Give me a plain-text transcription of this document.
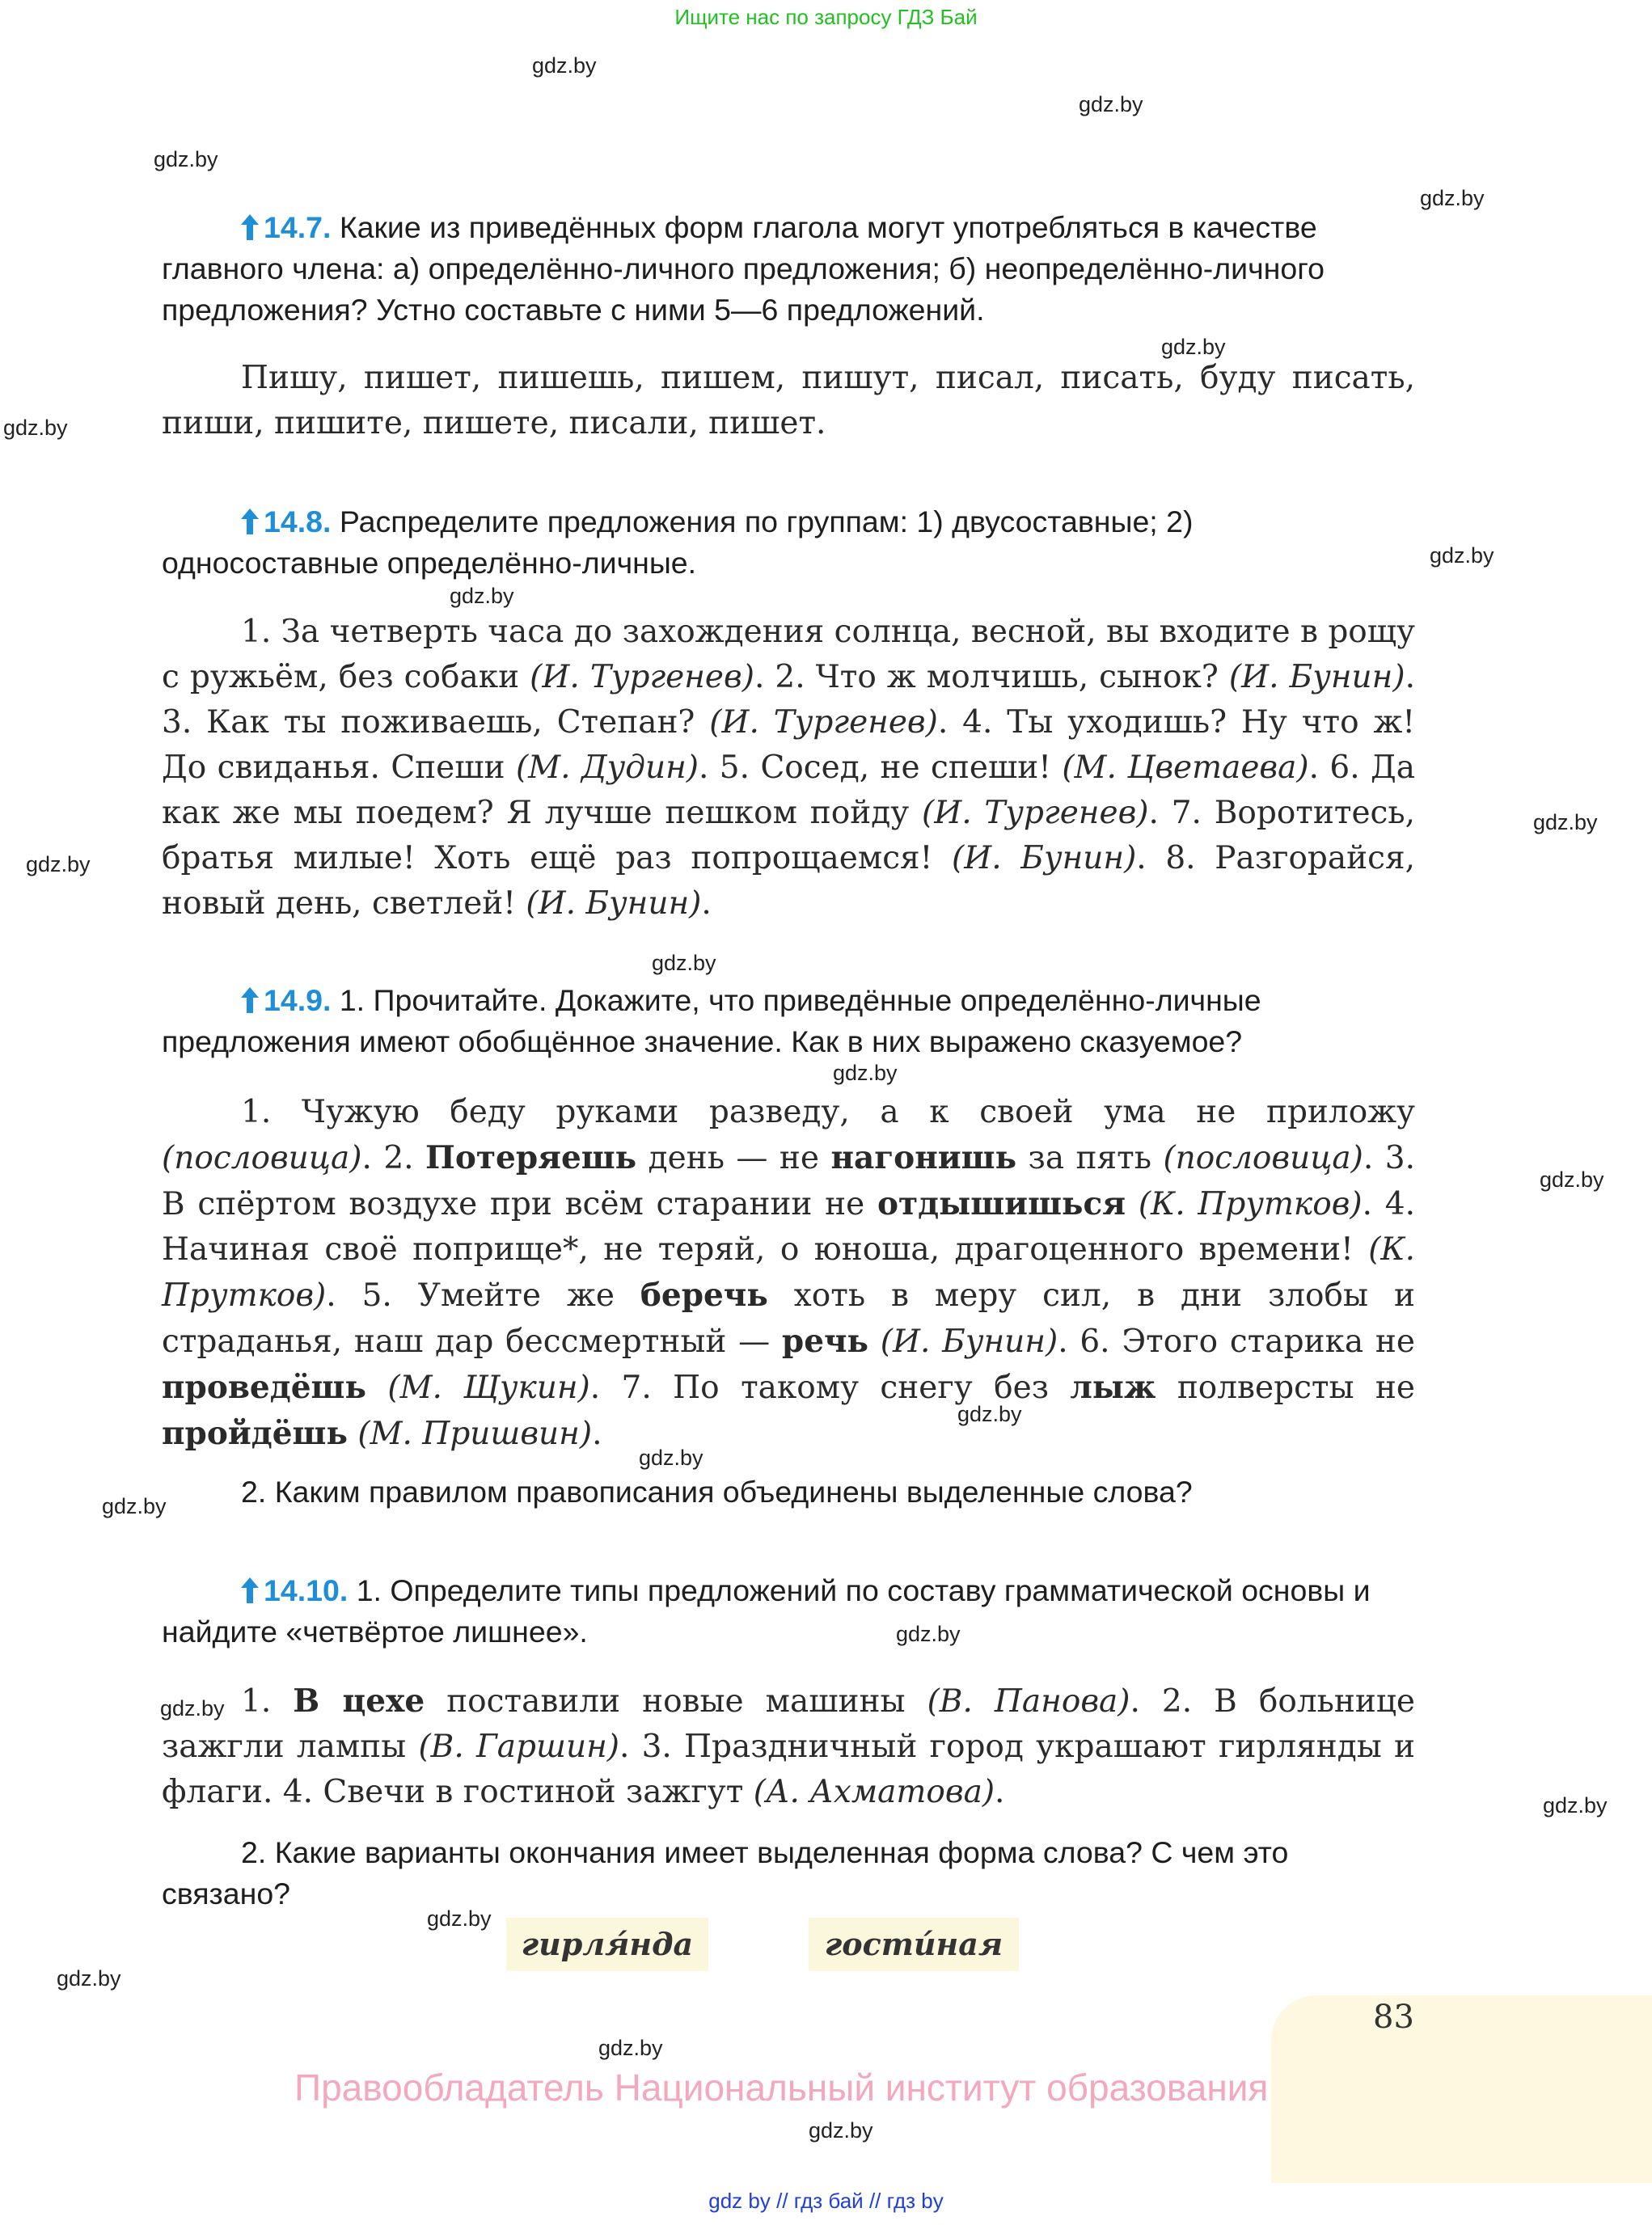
Ищите нас по запросу ГДЗ Бай
gdz.by
gdz.by
gdz.by
gdz.by
gdz.by
gdz.by
gdz.by
gdz.by
gdz.by
gdz.by
gdz.by
gdz.by
gdz.by
gdz.by
gdz.by
gdz.by
gdz.by
gdz.by
gdz.by
gdz.by
gdz.by
gdz.by
gdz.by
14.7. Какие из приведённых форм глагола могут употребляться в качестве главного члена: а) определённо-личного предложения; б) неопределённо-личного предложения? Устно составьте с ними 5—6 предложений.
Пишу, пишет, пишешь, пишем, пишут, писал, писать, буду писать, пиши, пишите, пишете, писали, пишет.
14.8. Распределите предложения по группам: 1) двусоставные; 2) односоставные определённо-личные.
1. За четверть часа до захождения солнца, весной, вы входите в рощу с ружьём, без собаки (И. Тургенев). 2. Что ж молчишь, сынок? (И. Бунин). 3. Как ты поживаешь, Степан? (И. Тургенев). 4. Ты уходишь? Ну что ж! До свиданья. Спеши (М. Дудин). 5. Сосед, не спеши! (М. Цветаева). 6. Да как же мы поедем? Я лучше пешком пойду (И. Тургенев). 7. Воротитесь, братья милые! Хоть ещё раз попрощаемся! (И. Бунин). 8. Разгорайся, новый день, светлей! (И. Бунин).
14.9. 1. Прочитайте. Докажите, что приведённые определённо-личные предложения имеют обобщённое значение. Как в них выражено сказуемое?
1. Чужую беду руками разведу, а к своей ума не приложу (пословица). 2. Потеряешь день — не нагонишь за пять (пословица). 3. В спёртом воздухе при всём старании не отдышишься (К. Прутков). 4. Начиная своё поприще*, не теряй, о юноша, драгоценного времени! (К. Прутков). 5. Умейте же беречь хоть в меру сил, в дни злобы и страданья, наш дар бессмертный — речь (И. Бунин). 6. Этого старика не проведёшь (М. Щукин). 7. По такому снегу без лыж полверсты не пройдёшь (М. Пришвин).
2. Каким правилом правописания объединены выделенные слова?
14.10. 1. Определите типы предложений по составу грамматической основы и найдите «четвёртое лишнее».
1. В цехе поставили новые машины (В. Панова). 2. В больнице зажгли лампы (В. Гаршин). 3. Праздничный город украшают гирлянды и флаги. 4. Свечи в гостиной зажгут (А. Ахматова).
2. Какие варианты окончания имеет выделенная форма слова? С чем это связано?
гирля́нда	гости́ная
83
Правообладатель Национальный институт образования
gdz by // гдз бай // гдз by
